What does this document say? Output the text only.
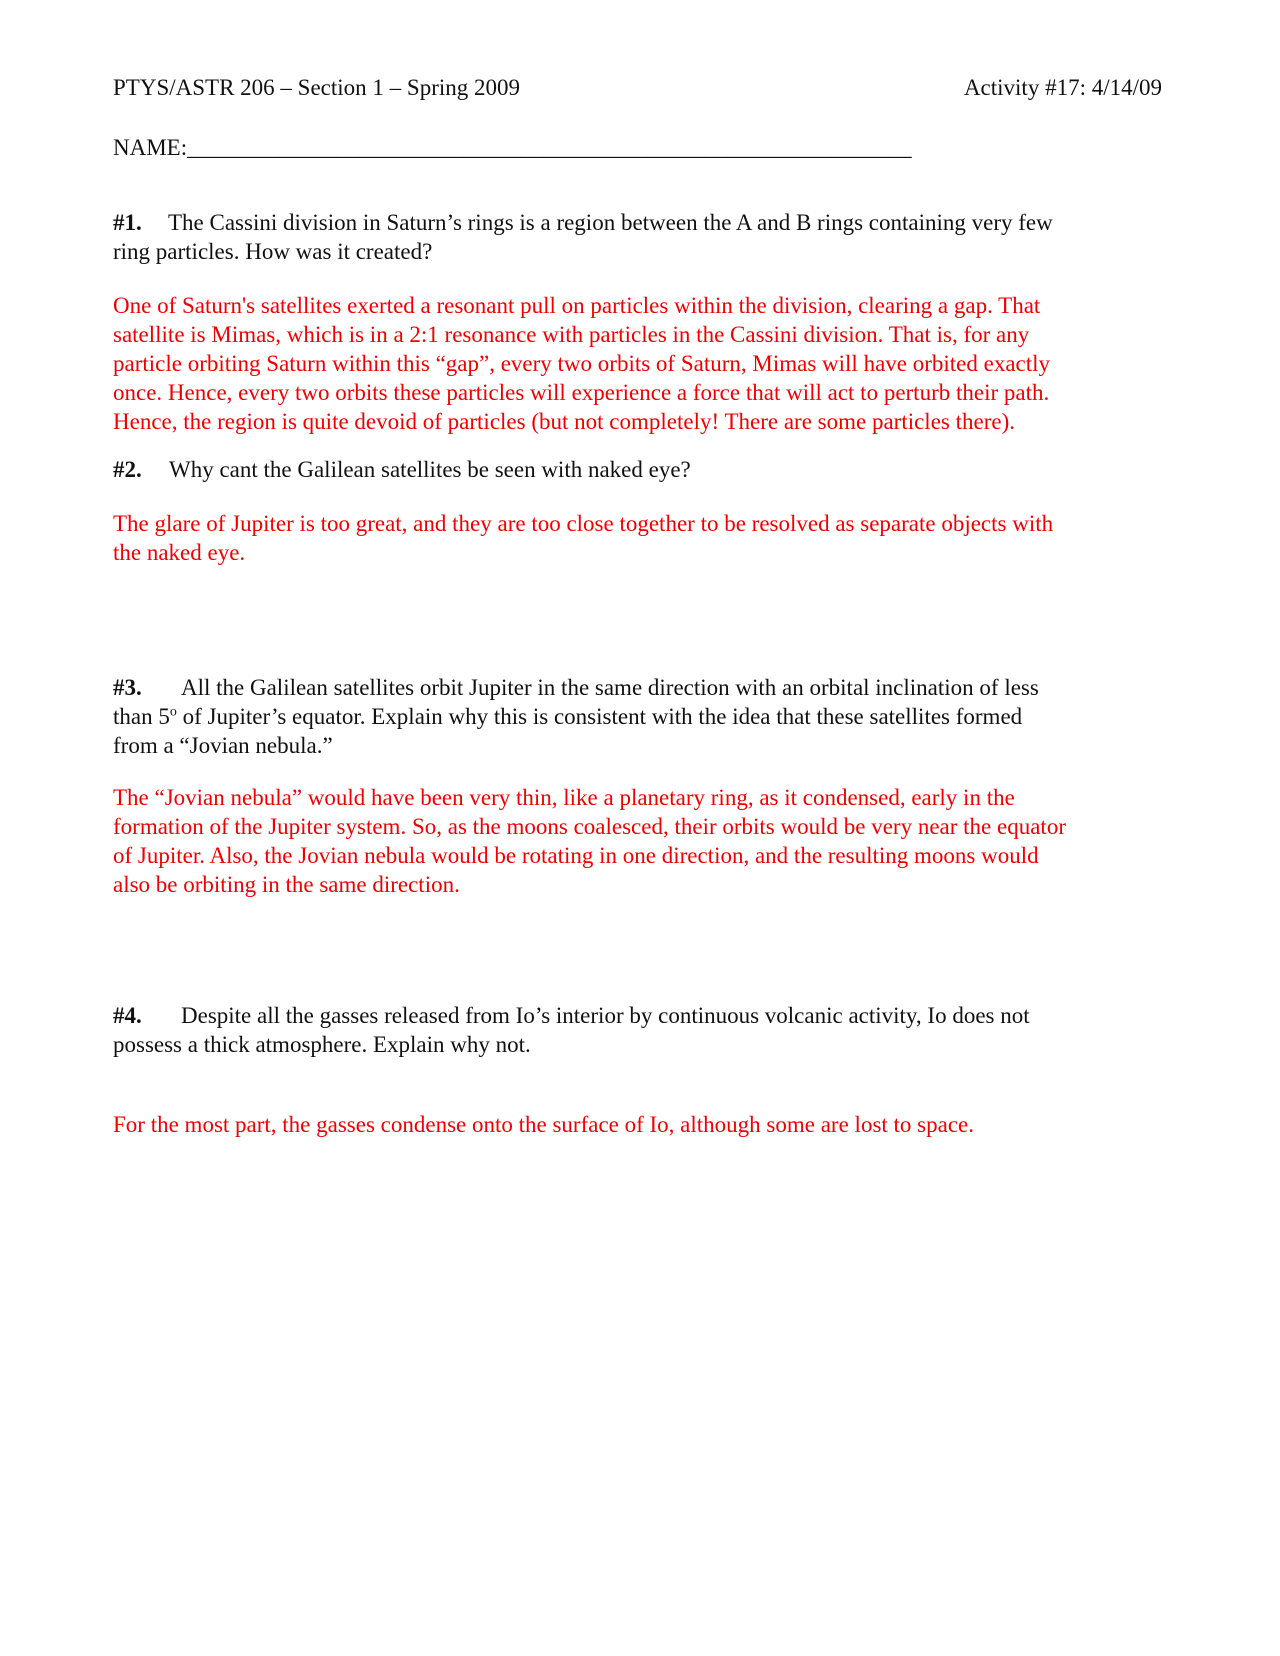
PTYS/ASTR 206 – Section 1 – Spring 2009	Activity #17: 4/14/09
NAME:_______________________________________________________________
#1. The Cassini division in Saturn’s rings is a region between the A and B rings containing very few
ring particles. How was it created?
One of Saturn's satellites exerted a resonant pull on particles within the division, clearing a gap. That
satellite is Mimas, which is in a 2:1 resonance with particles in the Cassini division. That is, for any
particle orbiting Saturn within this “gap”, every two orbits of Saturn, Mimas will have orbited exactly
once. Hence, every two orbits these particles will experience a force that will act to perturb their path.
Hence, the region is quite devoid of particles (but not completely! There are some particles there).
#2. Why cant the Galilean satellites be seen with naked eye?
The glare of Jupiter is too great, and they are too close together to be resolved as separate objects with
the naked eye.
#3. All the Galilean satellites orbit Jupiter in the same direction with an orbital inclination of less
than 5$^o$ of Jupiter’s equator. Explain why this is consistent with the idea that these satellites formed
from a “Jovian nebula.”
The “Jovian nebula” would have been very thin, like a planetary ring, as it condensed, early in the
formation of the Jupiter system. So, as the moons coalesced, their orbits would be very near the equator
of Jupiter. Also, the Jovian nebula would be rotating in one direction, and the resulting moons would
also be orbiting in the same direction.
#4. Despite all the gasses released from Io’s interior by continuous volcanic activity, Io does not
possess a thick atmosphere. Explain why not.
For the most part, the gasses condense onto the surface of Io, although some are lost to space.
